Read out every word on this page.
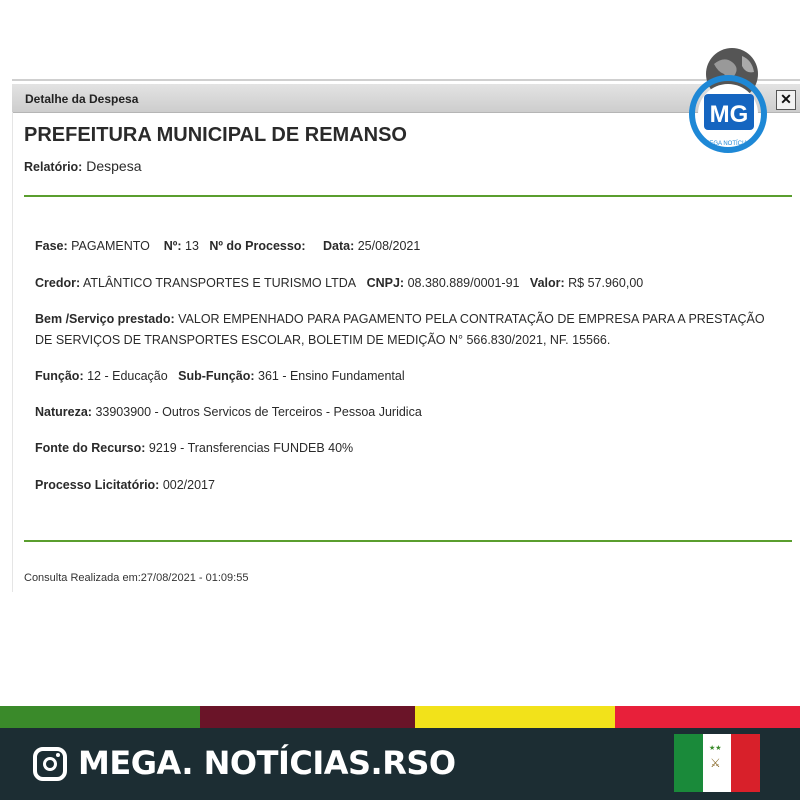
Detalhe da Despesa	✕
PREFEITURA MUNICIPAL DE REMANSO
Relatório: Despesa
Fase: PAGAMENTO Nº: 13 Nº do Processo: Data: 25/08/2021
Credor: ATLÂNTICO TRANSPORTES E TURISMO LTDA CNPJ: 08.380.889/0001-91 Valor: R$ 57.960,00
Bem /Serviço prestado: VALOR EMPENHADO PARA PAGAMENTO PELA CONTRATAÇÃO DE EMPRESA PARA A PRESTAÇÃO DE SERVIÇOS DE TRANSPORTES ESCOLAR, BOLETIM DE MEDIÇÃO N° 566.830/2021, NF. 15566.
Função: 12 - Educação Sub-Função: 361 - Ensino Fundamental
Natureza: 33903900 - Outros Servicos de Terceiros - Pessoa Juridica
Fonte do Recurso: 9219 - Transferencias FUNDEB 40%
Processo Licitatório: 002/2017
Consulta Realizada em:27/08/2021 - 01:09:55
MG
MEGA NOTÍCIAS
MEGA. NOTÍCIAS.RSO	★★
⚔
